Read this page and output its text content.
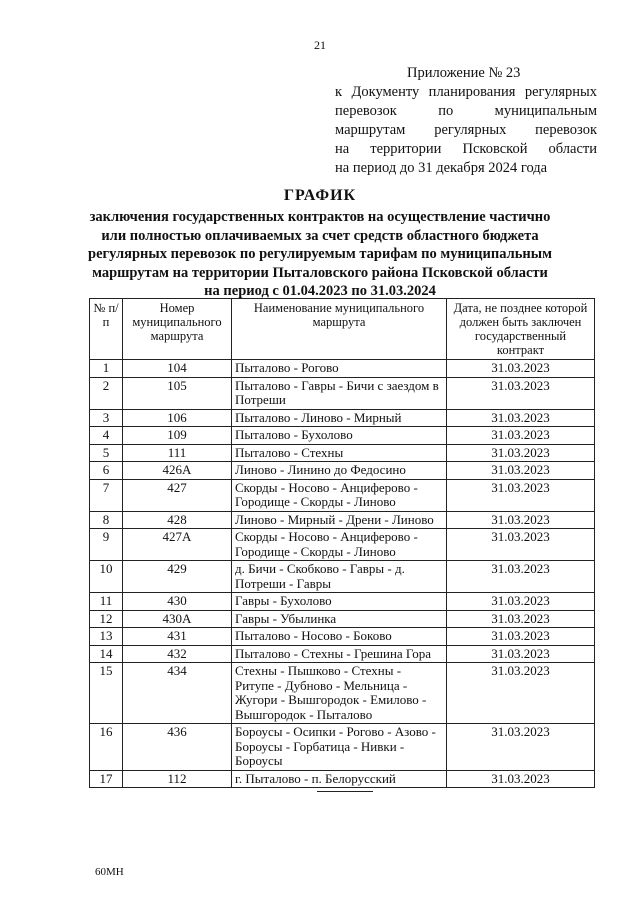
21
Приложение № 23
к Документу планирования регулярных
перевозок по муниципальным
маршрутам регулярных перевозок
на территории Псковской области
на период до 31 декабря 2024 года
ГРАФИК
заключения государственных контрактов на осуществление частично
или полностью оплачиваемых за счет средств областного бюджета
регулярных перевозок по регулируемым тарифам по муниципальным
маршрутам на территории Пыталовского района Псковской области
на период с 01.04.2023 по 31.03.2024
№ п/п	Номер муниципального маршрута	Наименование муниципального маршрута	Дата, не позднее которой должен быть заключен государственный контракт
1	104	Пыталово - Рогово	31.03.2023
2	105	Пыталово - Гавры - Бичи с заездом в Потреши	31.03.2023
3	106	Пыталово - Линово - Мирный	31.03.2023
4	109	Пыталово - Бухолово	31.03.2023
5	111	Пыталово - Стехны	31.03.2023
6	426А	Линово - Линино до Федосино	31.03.2023
7	427	Скорды - Носово - Анциферово - Городище - Скорды - Линово	31.03.2023
8	428	Линово - Мирный - Дрени - Линово	31.03.2023
9	427А	Скорды - Носово - Анциферово - Городище - Скорды - Линово	31.03.2023
10	429	д. Бичи - Скобково - Гавры - д. Потреши - Гавры	31.03.2023
11	430	Гавры - Бухолово	31.03.2023
12	430А	Гавры - Убылинка	31.03.2023
13	431	Пыталово - Носово - Боково	31.03.2023
14	432	Пыталово - Стехны - Грешина Гора	31.03.2023
15	434	Стехны - Пышково - Стехны - Ритупе - Дубново - Мельница - Жугори - Вышгородок - Емилово - Вышгородок - Пыталово	31.03.2023
16	436	Бороусы - Осипки - Рогово - Азово - Бороусы - Горбатица - Нивки - Бороусы	31.03.2023
17	112	г. Пыталово - п. Белорусский	31.03.2023
60МН
